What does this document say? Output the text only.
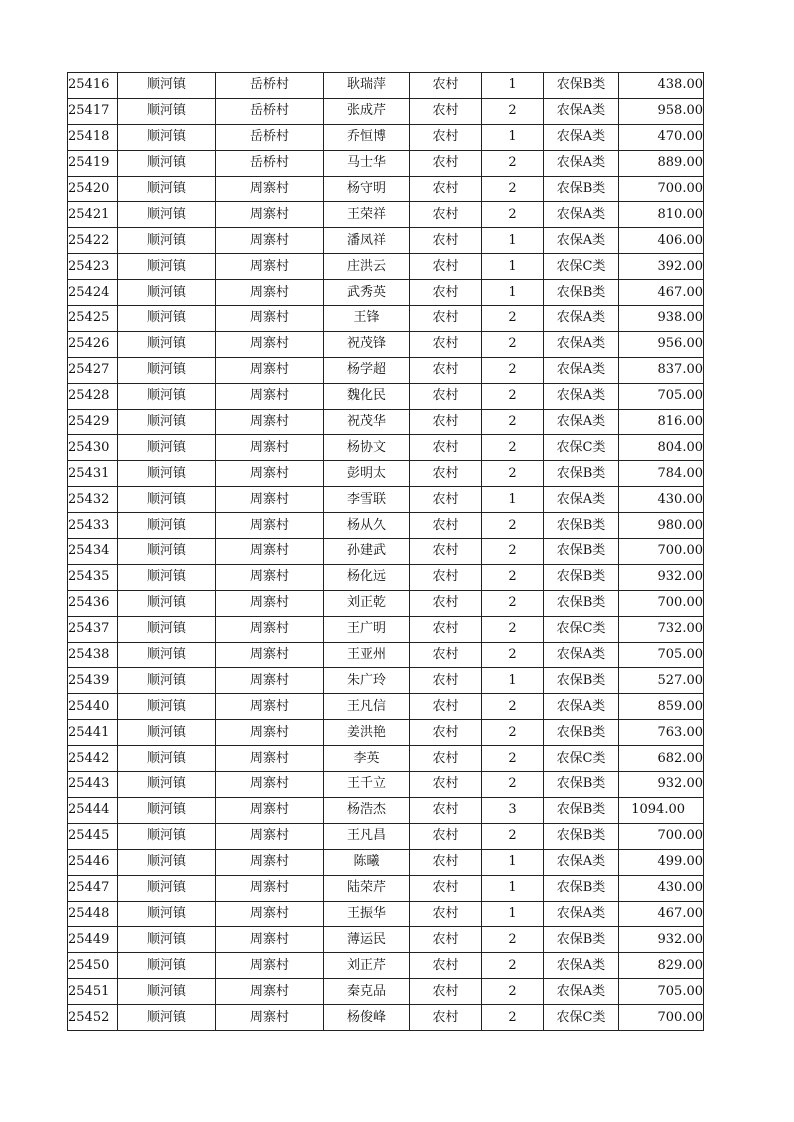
25416	顺河镇	岳桥村	耿瑞萍	农村	1	农保B类	438.00
25417	顺河镇	岳桥村	张成芹	农村	2	农保A类	958.00
25418	顺河镇	岳桥村	乔恒博	农村	1	农保A类	470.00
25419	顺河镇	岳桥村	马士华	农村	2	农保A类	889.00
25420	顺河镇	周寨村	杨守明	农村	2	农保B类	700.00
25421	顺河镇	周寨村	王荣祥	农村	2	农保A类	810.00
25422	顺河镇	周寨村	潘凤祥	农村	1	农保A类	406.00
25423	顺河镇	周寨村	庄洪云	农村	1	农保C类	392.00
25424	顺河镇	周寨村	武秀英	农村	1	农保B类	467.00
25425	顺河镇	周寨村	王锋	农村	2	农保A类	938.00
25426	顺河镇	周寨村	祝茂锋	农村	2	农保A类	956.00
25427	顺河镇	周寨村	杨学超	农村	2	农保A类	837.00
25428	顺河镇	周寨村	魏化民	农村	2	农保A类	705.00
25429	顺河镇	周寨村	祝茂华	农村	2	农保A类	816.00
25430	顺河镇	周寨村	杨协文	农村	2	农保C类	804.00
25431	顺河镇	周寨村	彭明太	农村	2	农保B类	784.00
25432	顺河镇	周寨村	李雪联	农村	1	农保A类	430.00
25433	顺河镇	周寨村	杨从久	农村	2	农保B类	980.00
25434	顺河镇	周寨村	孙建武	农村	2	农保B类	700.00
25435	顺河镇	周寨村	杨化远	农村	2	农保B类	932.00
25436	顺河镇	周寨村	刘正乾	农村	2	农保B类	700.00
25437	顺河镇	周寨村	王广明	农村	2	农保C类	732.00
25438	顺河镇	周寨村	王亚州	农村	2	农保A类	705.00
25439	顺河镇	周寨村	朱广玲	农村	1	农保B类	527.00
25440	顺河镇	周寨村	王凡信	农村	2	农保A类	859.00
25441	顺河镇	周寨村	姜洪艳	农村	2	农保B类	763.00
25442	顺河镇	周寨村	李英	农村	2	农保C类	682.00
25443	顺河镇	周寨村	王千立	农村	2	农保B类	932.00
25444	顺河镇	周寨村	杨浩杰	农村	3	农保B类	1094.00
25445	顺河镇	周寨村	王凡昌	农村	2	农保B类	700.00
25446	顺河镇	周寨村	陈曦	农村	1	农保A类	499.00
25447	顺河镇	周寨村	陆荣芹	农村	1	农保B类	430.00
25448	顺河镇	周寨村	王振华	农村	1	农保A类	467.00
25449	顺河镇	周寨村	薄运民	农村	2	农保B类	932.00
25450	顺河镇	周寨村	刘正芹	农村	2	农保A类	829.00
25451	顺河镇	周寨村	秦克品	农村	2	农保A类	705.00
25452	顺河镇	周寨村	杨俊峰	农村	2	农保C类	700.00
